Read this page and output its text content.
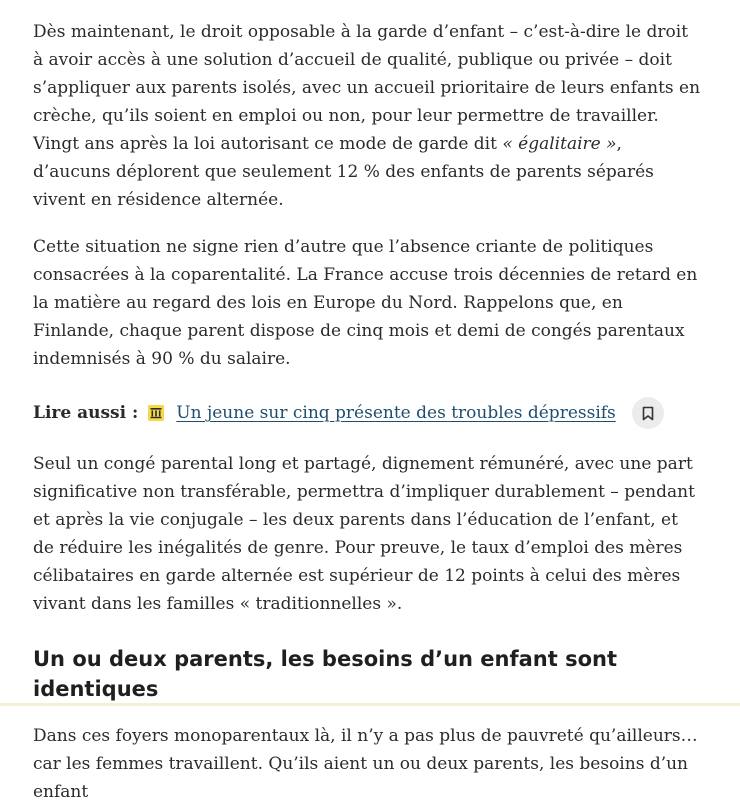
Dès maintenant, le droit opposable à la garde d’enfant – c’est-à-dire le droit à avoir accès à une solution d’accueil de qualité, publique ou privée – doit s’appliquer aux parents isolés, avec un accueil prioritaire de leurs enfants en crèche, qu’ils soient en emploi ou non, pour leur permettre de travailler. Vingt ans après la loi autorisant ce mode de garde dit « égalitaire », d’aucuns déplorent que seulement 12 % des enfants de parents séparés vivent en résidence alternée.

Cette situation ne signe rien d’autre que l’absence criante de politiques consacrées à la coparentalité. La France accuse trois décennies de retard en la matière au regard des lois en Europe du Nord. Rappelons que, en Finlande, chaque parent dispose de cinq mois et demi de congés parentaux indemnisés à 90 % du salaire.

Lire aussi : Un jeune sur cinq présente des troubles dépressifs

Seul un congé parental long et partagé, dignement rémunéré, avec une part significative non transférable, permettra d’impliquer durablement – pendant et après la vie conjugale – les deux parents dans l’éducation de l’enfant, et de réduire les inégalités de genre. Pour preuve, le taux d’emploi des mères célibataires en garde alternée est supérieur de 12 points à celui des mères vivant dans les familles « traditionnelles ».

Un ou deux parents, les besoins d’un enfant sont identiques

Dans ces foyers monoparentaux là, il n’y a pas plus de pauvreté qu’ailleurs… car les femmes travaillent. Qu’ils aient un ou deux parents, les besoins d’un enfant
